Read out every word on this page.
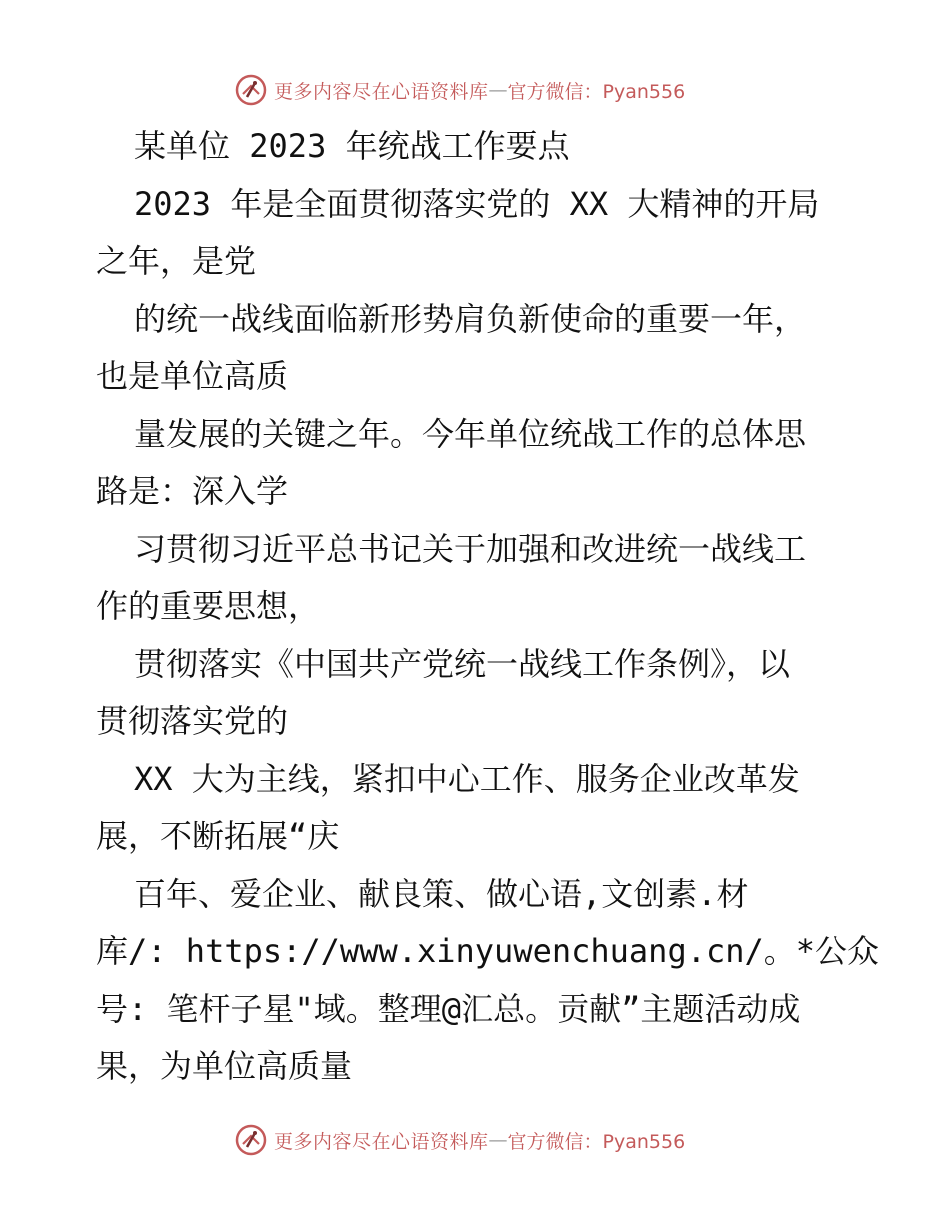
更多内容尽在心语资料库 — 官方微信：Pyan556
某单位 2023 年统战工作要点
2023 年是全面贯彻落实党的 XX 大精神的开局
之年，是党
的统一战线面临新形势肩负新使命的重要一年，
也是单位高质
量发展的关键之年。今年单位统战工作的总体思
路是：深入学
习贯彻习近平总书记关于加强和改进统一战线工
作的重要思想，
贯彻落实《中国共产党统一战线工作条例》，以
贯彻落实党的
XX 大为主线，紧扣中心工作、服务企业改革发
展，不断拓展“庆
百年、爱企业、献良策、做心语,文创素.材
库/: https://www.xinyuwenchuang.cn/。*公众
号: 笔杆子星"域。整理@汇总。贡献”主题活动成
果，为单位高质量
更多内容尽在心语资料库 — 官方微信：Pyan556
